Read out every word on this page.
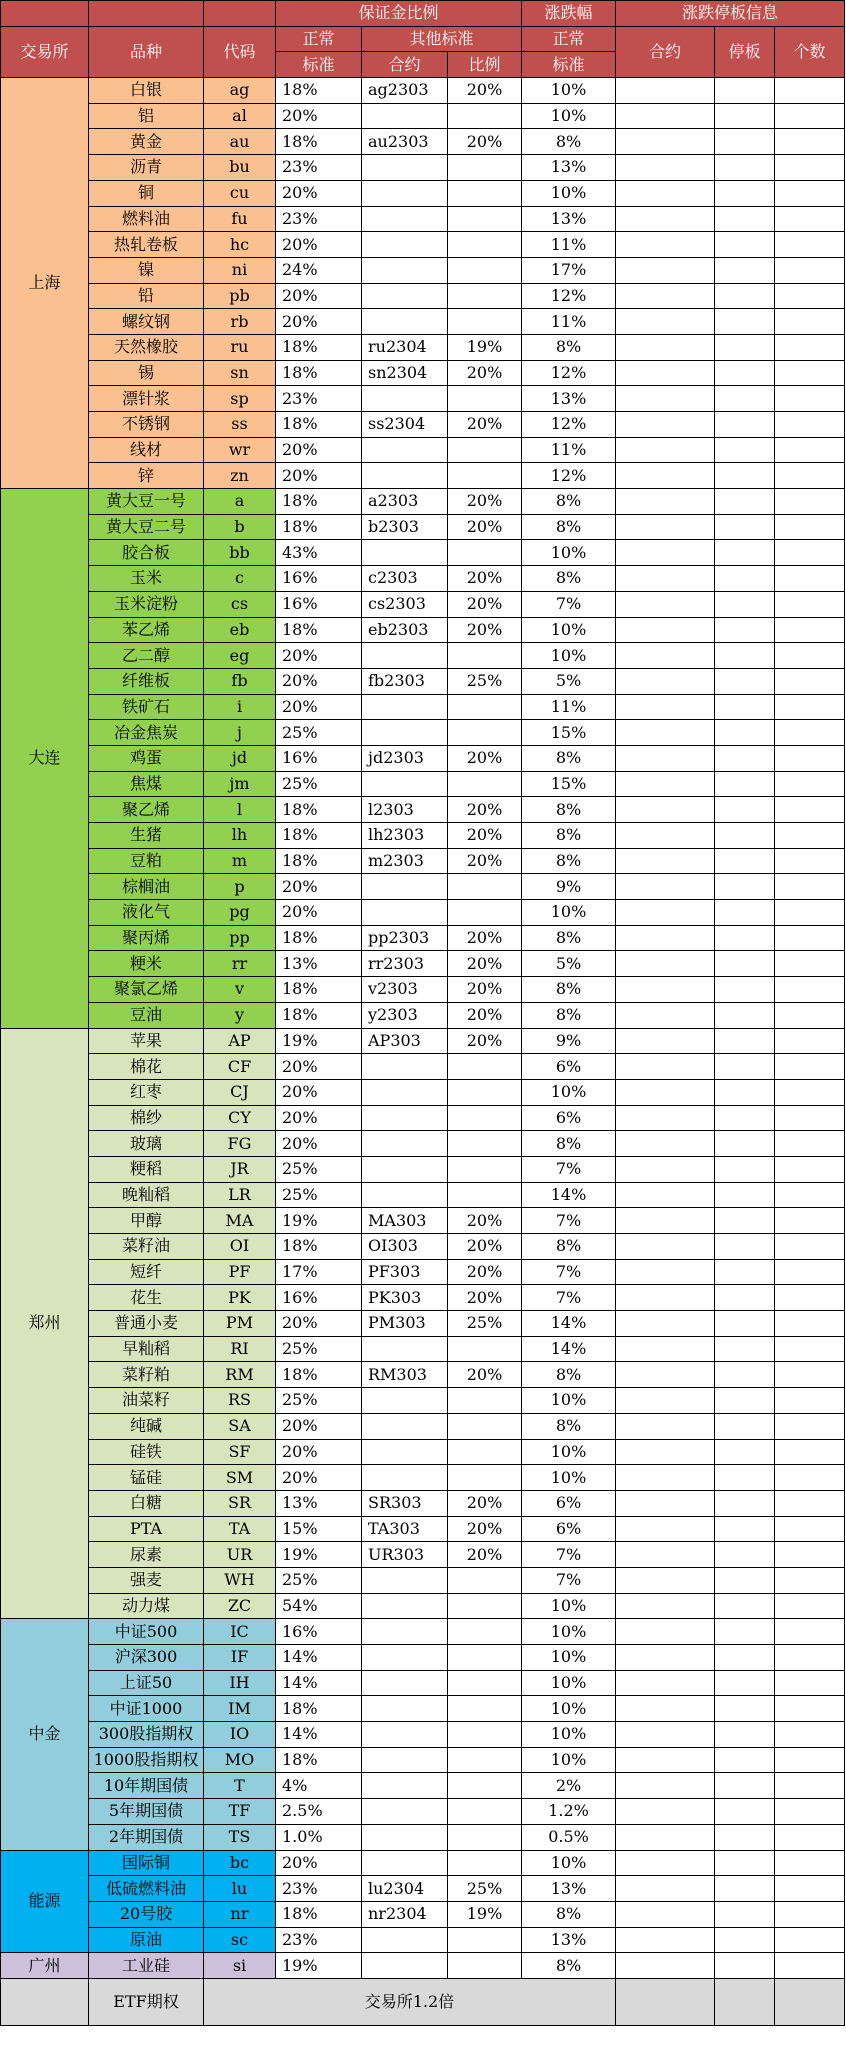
			保证金比例			涨跌幅	涨跌停板信息		
交易所	品种	代码	正常	其他标准		正常	合约	停板	个数
			标准	合约	比例	标准			
上海	白银	ag	18%	ag2303	20%	10%			
	铝	al	20%			10%			
	黄金	au	18%	au2303	20%	8%			
	沥青	bu	23%			13%			
	铜	cu	20%			10%			
	燃料油	fu	23%			13%			
	热轧卷板	hc	20%			11%			
	镍	ni	24%			17%			
	铅	pb	20%			12%			
	螺纹钢	rb	20%			11%			
	天然橡胶	ru	18%	ru2304	19%	8%			
	锡	sn	18%	sn2304	20%	12%			
	漂针浆	sp	23%			13%			
	不锈钢	ss	18%	ss2304	20%	12%			
	线材	wr	20%			11%			
	锌	zn	20%			12%			
大连	黄大豆一号	a	18%	a2303	20%	8%			
	黄大豆二号	b	18%	b2303	20%	8%			
	胶合板	bb	43%			10%			
	玉米	c	16%	c2303	20%	8%			
	玉米淀粉	cs	16%	cs2303	20%	7%			
	苯乙烯	eb	18%	eb2303	20%	10%			
	乙二醇	eg	20%			10%			
	纤维板	fb	20%	fb2303	25%	5%			
	铁矿石	i	20%			11%			
	冶金焦炭	j	25%			15%			
	鸡蛋	jd	16%	jd2303	20%	8%			
	焦煤	jm	25%			15%			
	聚乙烯	l	18%	l2303	20%	8%			
	生猪	lh	18%	lh2303	20%	8%			
	豆粕	m	18%	m2303	20%	8%			
	棕榈油	p	20%			9%			
	液化气	pg	20%			10%			
	聚丙烯	pp	18%	pp2303	20%	8%			
	粳米	rr	13%	rr2303	20%	5%			
	聚氯乙烯	v	18%	v2303	20%	8%			
	豆油	y	18%	y2303	20%	8%			
郑州	苹果	AP	19%	AP303	20%	9%			
	棉花	CF	20%			6%			
	红枣	CJ	20%			10%			
	棉纱	CY	20%			6%			
	玻璃	FG	20%			8%			
	粳稻	JR	25%			7%			
	晚籼稻	LR	25%			14%			
	甲醇	MA	19%	MA303	20%	7%			
	菜籽油	OI	18%	OI303	20%	8%			
	短纤	PF	17%	PF303	20%	7%			
	花生	PK	16%	PK303	20%	7%			
	普通小麦	PM	20%	PM303	25%	14%			
	早籼稻	RI	25%			14%			
	菜籽粕	RM	18%	RM303	20%	8%			
	油菜籽	RS	25%			10%			
	纯碱	SA	20%			8%			
	硅铁	SF	20%			10%			
	锰硅	SM	20%			10%			
	白糖	SR	13%	SR303	20%	6%			
	PTA	TA	15%	TA303	20%	6%			
	尿素	UR	19%	UR303	20%	7%			
	强麦	WH	25%			7%			
	动力煤	ZC	54%			10%			
中金	中证500	IC	16%			10%			
	沪深300	IF	14%			10%			
	上证50	IH	14%			10%			
	中证1000	IM	18%			10%			
	300股指期权	IO	14%			10%			
	1000股指期权	MO	18%			10%			
	10年期国债	T	4%			2%			
	5年期国债	TF	2.5%			1.2%			
	2年期国债	TS	1.0%			0.5%			
能源	国际铜	bc	20%			10%			
	低硫燃料油	lu	23%	lu2304	25%	13%			
	20号胶	nr	18%	nr2304	19%	8%			
	原油	sc	23%			13%			
广州	工业硅	si	19%			8%			
	ETF期权	交易所1.2倍							
